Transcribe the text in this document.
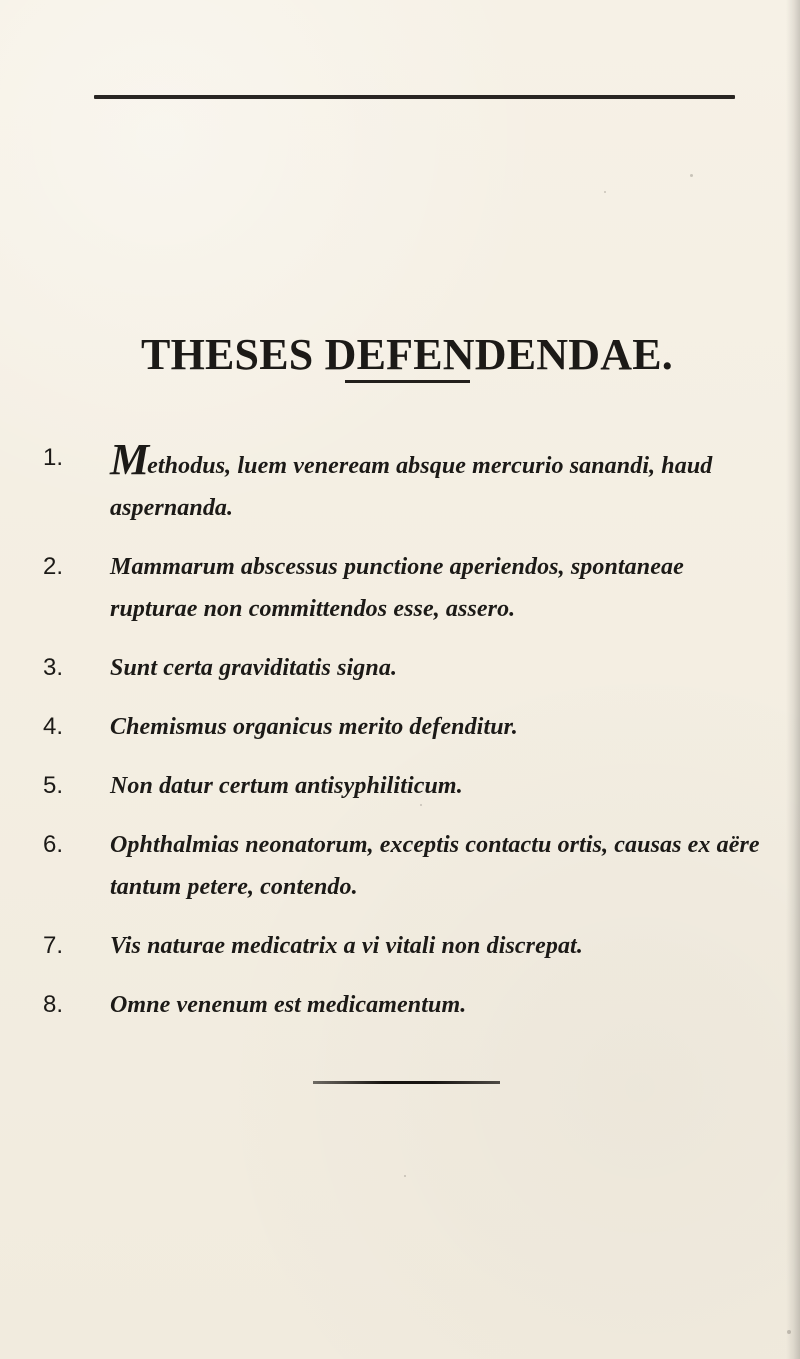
THESES DEFENDENDAE.

1. Methodus, luem veneream absque mercurio sanandi, haud aspernanda.

2. Mammarum abscessus punctione aperiendos, spontaneae rupturae non committendos esse, assero.

3. Sunt certa graviditatis signa.

4. Chemismus organicus merito defenditur.

5. Non datur certum antisyphiliticum.

6. Ophthalmias neonatorum, exceptis contactu ortis, causas ex aëre tantum petere, contendo.

7. Vis naturae medicatrix a vi vitali non discrepat.

8. Omne venenum est medicamentum.
